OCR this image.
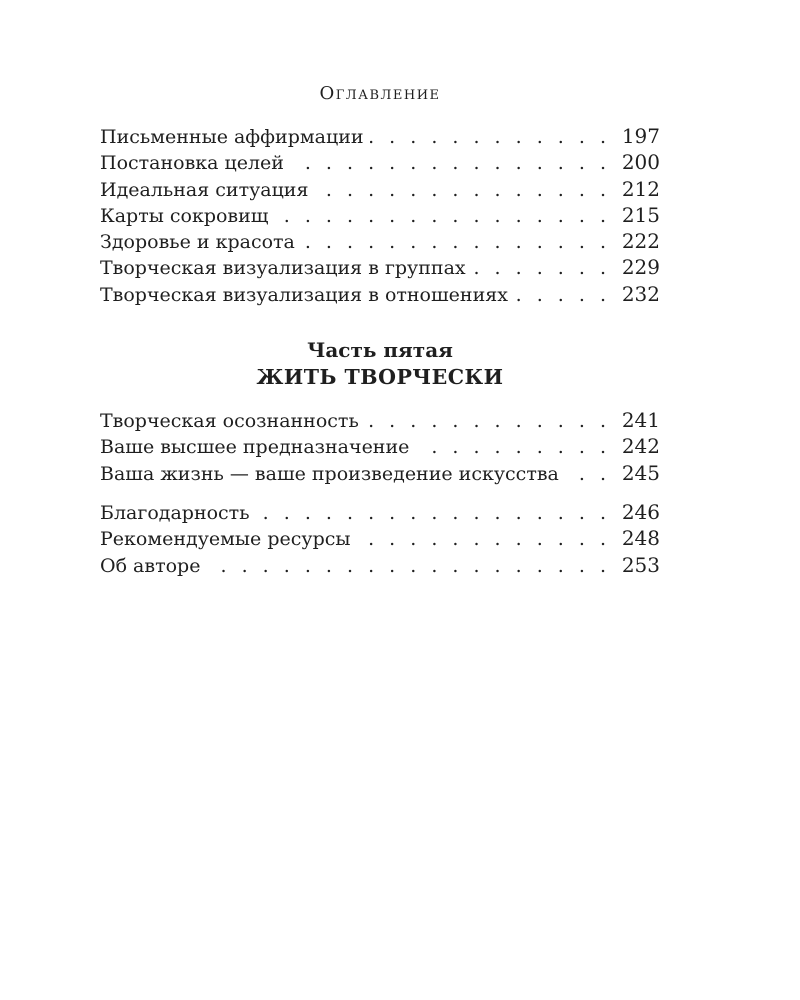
Оглавление
Письменные аффирмации . . .	197
Постановка целей . . .	200
Идеальная ситуация . . .	212
Карты сокровищ . . .	215
Здоровье и красота . . .	222
Творческая визуализация в группах . . .	229
Творческая визуализация в отношениях . . .	232
Часть пятая
ЖИТЬ ТВОРЧЕСКИ
Творческая осознанность . . .	241
Ваше высшее предназначение . . .	242
Ваша жизнь — ваше произведение искусства . . .	245
Благодарность . . .	246
Рекомендуемые ресурсы . . .	248
Об авторе . . .	253
